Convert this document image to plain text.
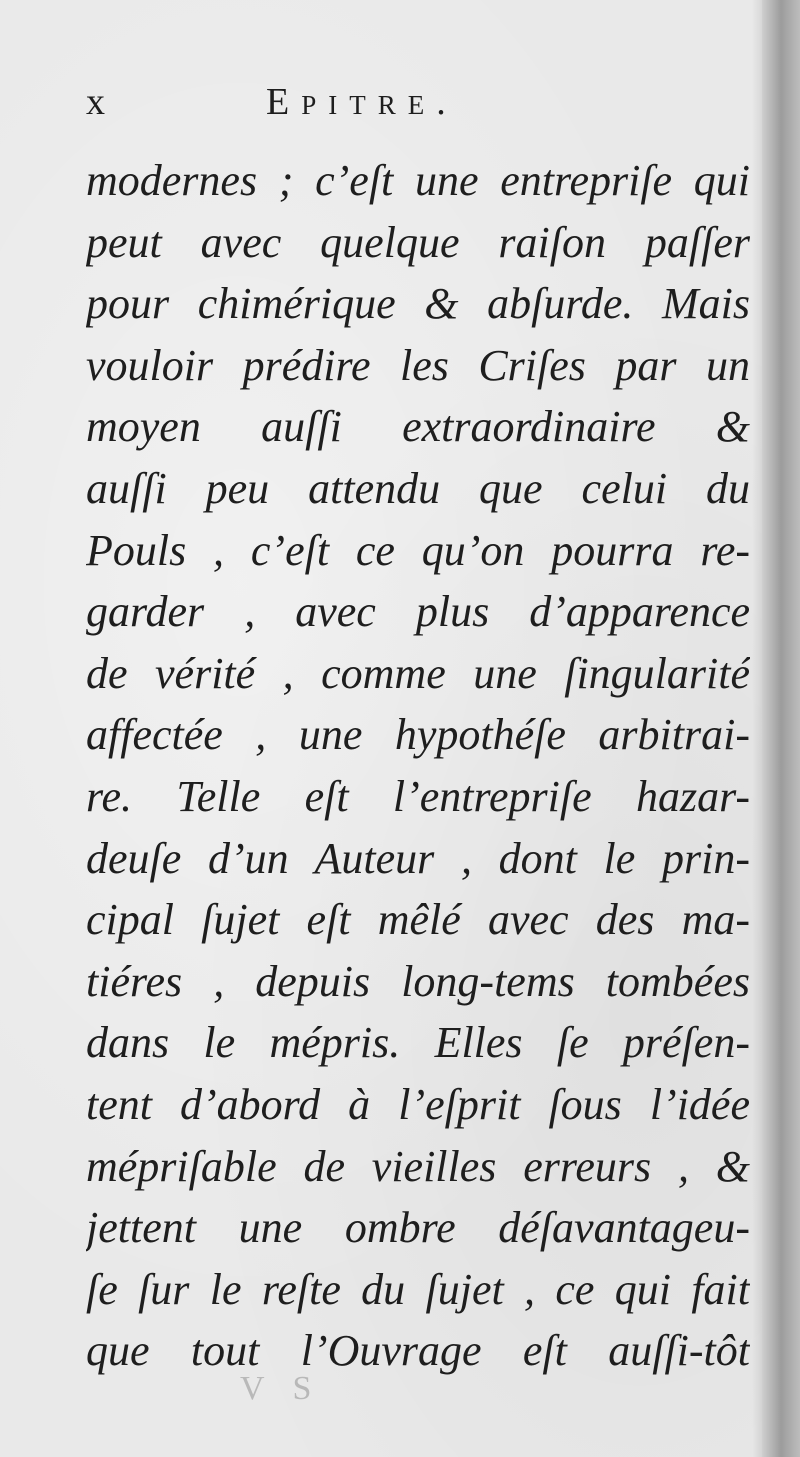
x	Epitre.
modernes ; c’eſt une entrepriſe qui
peut avec quelque raiſon paſſer
pour chimérique & abſurde. Mais
vouloir prédire les Criſes par un
moyen auſſi extraordinaire &
auſſi peu attendu que celui du
Pouls , c’eſt ce qu’on pourra re-
garder , avec plus d’apparence
de vérité , comme une ſingularité
affectée , une hypothéſe arbitrai-
re. Telle eſt l’entrepriſe hazar-
deuſe d’un Auteur , dont le prin-
cipal ſujet eſt mêlé avec des ma-
tiéres , depuis long-tems tombées
dans le mépris. Elles ſe préſen-
tent d’abord à l’eſprit ſous l’idée
mépriſable de vieilles erreurs , &
jettent une ombre déſavantageu-
ſe ſur le reſte du ſujet , ce qui fait
que tout l’Ouvrage eſt auſſi-tôt
V S
